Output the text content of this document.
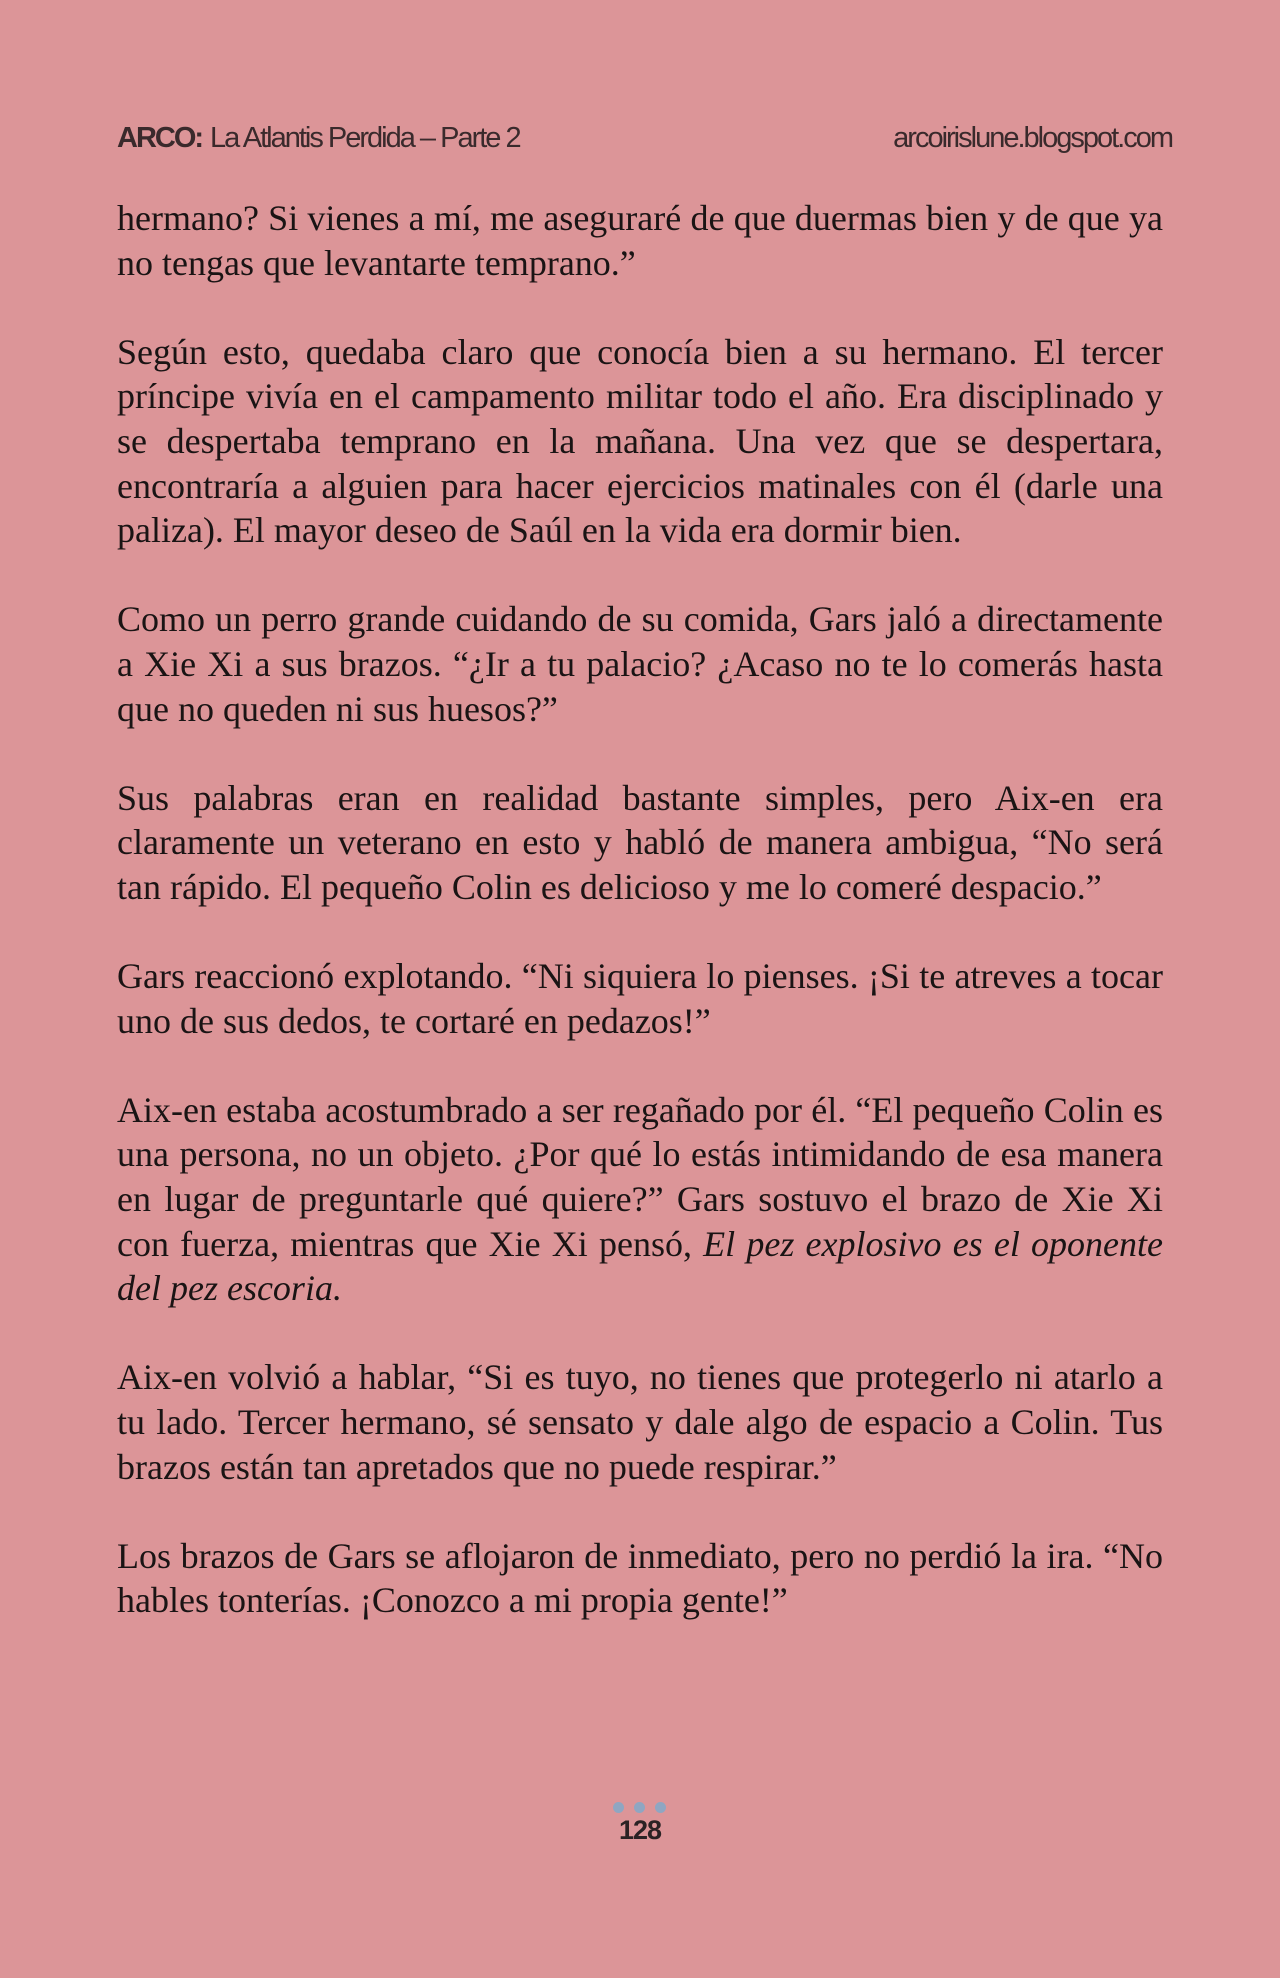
ARCO: La Atlantis Perdida – Parte 2	arcoirislune.blogspot.com

hermano? Si vienes a mí, me aseguraré de que duermas bien y de que ya no tengas que levantarte temprano.”

Según esto, quedaba claro que conocía bien a su hermano. El tercer príncipe vivía en el campamento militar todo el año. Era disciplinado y se despertaba temprano en la mañana. Una vez que se despertara, encontraría a alguien para hacer ejercicios matinales con él (darle una paliza). El mayor deseo de Saúl en la vida era dormir bien.

Como un perro grande cuidando de su comida, Gars jaló a directamente a Xie Xi a sus brazos. “¿Ir a tu palacio? ¿Acaso no te lo comerás hasta que no queden ni sus huesos?”

Sus palabras eran en realidad bastante simples, pero Aix-en era claramente un veterano en esto y habló de manera ambigua, “No será tan rápido. El pequeño Colin es delicioso y me lo comeré despacio.”

Gars reaccionó explotando. “Ni siquiera lo pienses. ¡Si te atreves a tocar uno de sus dedos, te cortaré en pedazos!”

Aix-en estaba acostumbrado a ser regañado por él. “El pequeño Colin es una persona, no un objeto. ¿Por qué lo estás intimidando de esa manera en lugar de preguntarle qué quiere?” Gars sostuvo el brazo de Xie Xi con fuerza, mientras que Xie Xi pensó, El pez explosivo es el oponente del pez escoria.

Aix-en volvió a hablar, “Si es tuyo, no tienes que protegerlo ni atarlo a tu lado. Tercer hermano, sé sensato y dale algo de espacio a Colin. Tus brazos están tan apretados que no puede respirar.”

Los brazos de Gars se aflojaron de inmediato, pero no perdió la ira. “No hables tonterías. ¡Conozco a mi propia gente!”

128
